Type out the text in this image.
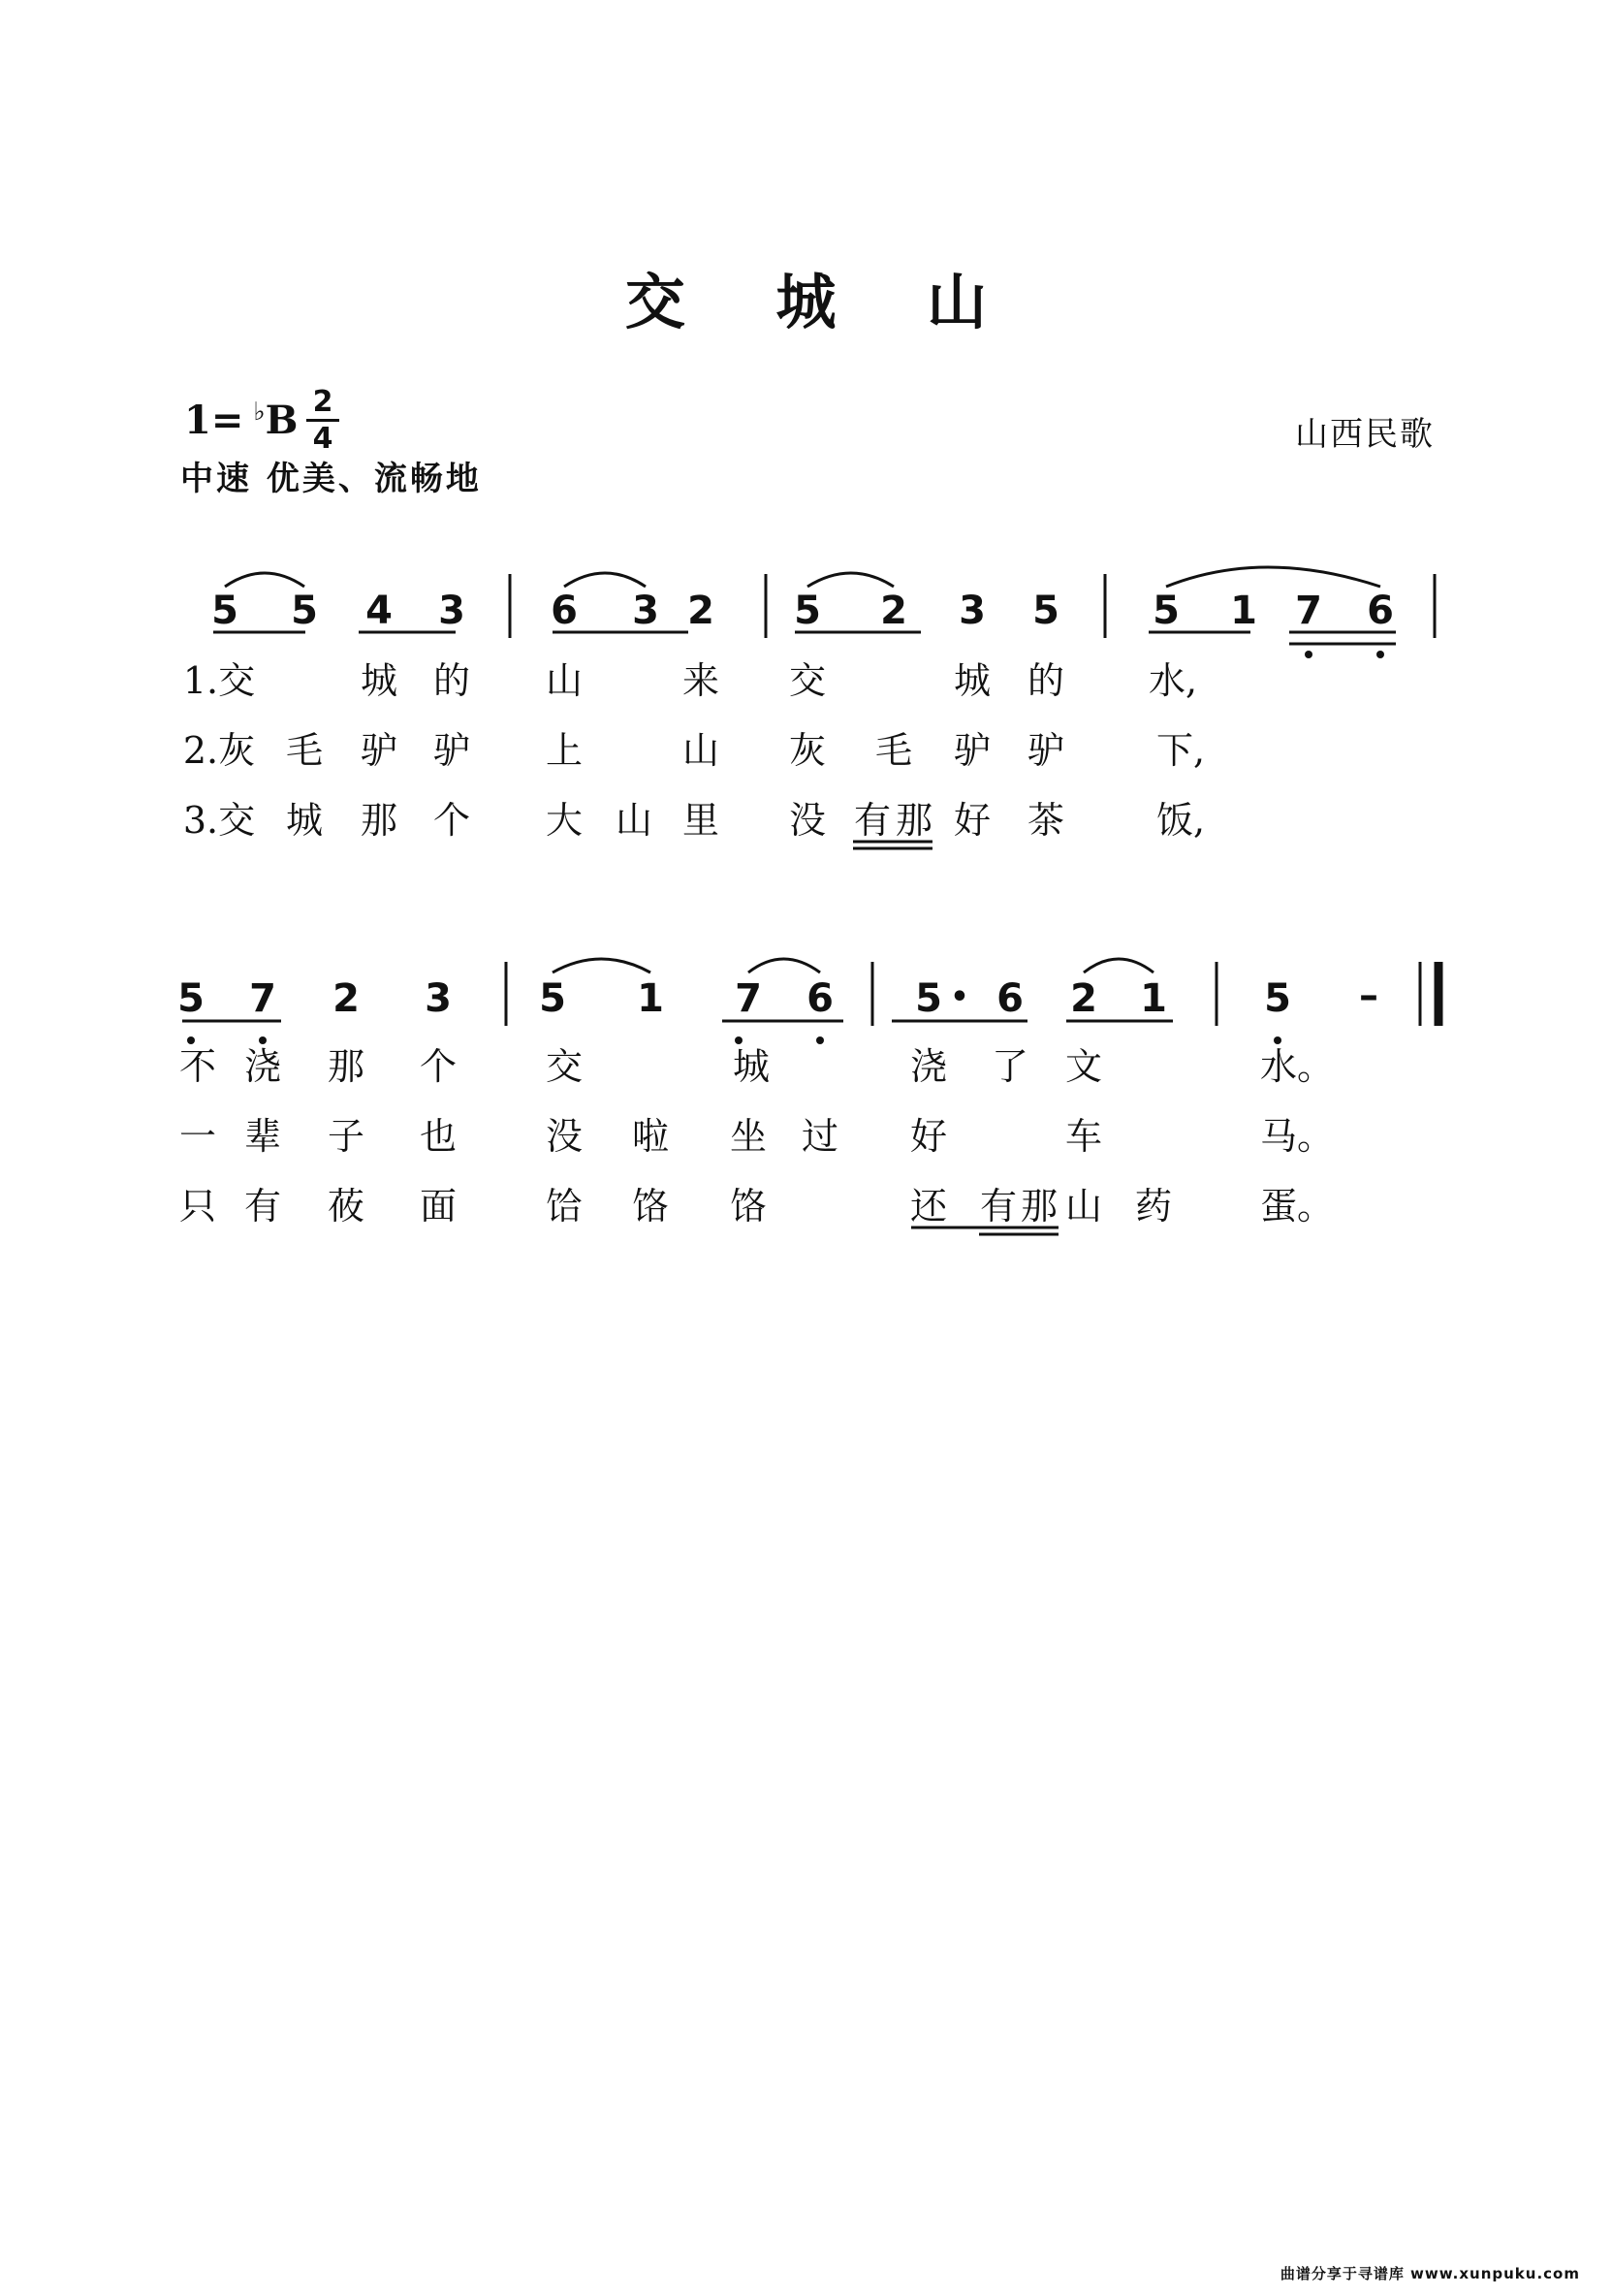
交 城 山
1= ♭B 2
4
中速 优美、流畅地
山西民歌
5 5 4 3 6 3 2 5 2 3 5 5 1 7 6
5 7 2 3 5 1 7 6 5 • 6 2 1	5 –
1.交	城 的 山	来 交	城 的 水,
2.灰 毛 驴 驴 上	山 灰 毛 驴 驴 下,
3.交 城 那 个 大 山 里 没 有 那 好 茶 饭,
不 浇 那 个 交	城	浇 了 文	水。
一 辈 子 也 没 啦 坐 过 好	车	马。
只 有 莜 面 饸 饹 饹	还 有 那 山 药 蛋。
曲谱分享于寻谱库 www.xunpuku.com
